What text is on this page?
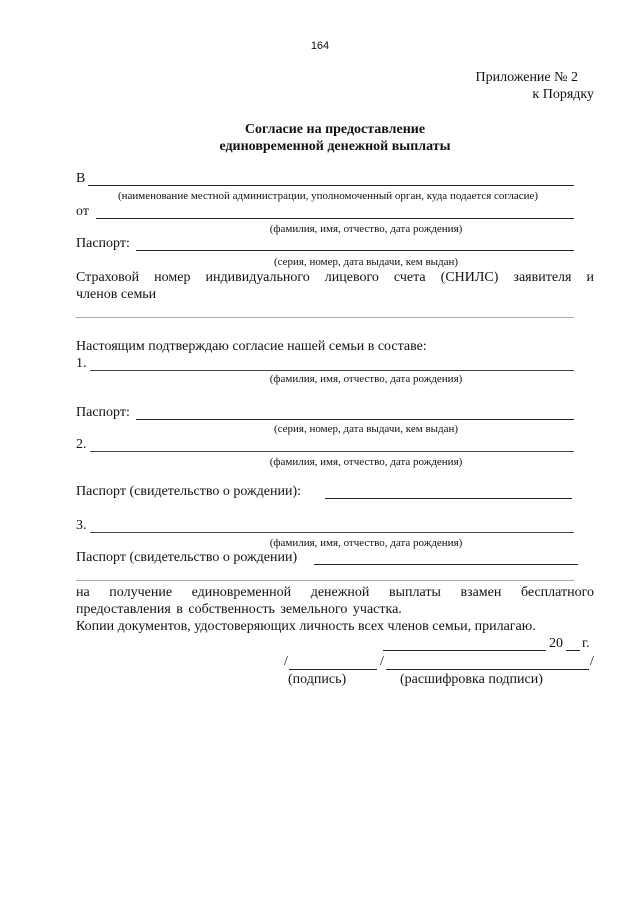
164
Приложение № 2
к Порядку
Согласие на предоставление
единовременной денежной выплаты
В
(наименование местной администрации, уполномоченный орган, куда подается согласие)
от
(фамилия, имя, отчество, дата рождения)
Паспорт:
(серия, номер, дата выдачи, кем выдан)
Страховой номер индивидуального лицевого счета (СНИЛС) заявителя и
членов семьи
Настоящим подтверждаю согласие нашей семьи в составе:
1.
(фамилия, имя, отчество, дата рождения)
Паспорт:
(серия, номер, дата выдачи, кем выдан)
2.
(фамилия, имя, отчество, дата рождения)
Паспорт (свидетельство о рождении):
3.
(фамилия, имя, отчество, дата рождения)
Паспорт (свидетельство о рождении)
на получение единовременной денежной выплаты взамен бесплатного
предоставления в собственность земельного участка.
Копии документов, удостоверяющих личность всех членов семьи, прилагаю.
20 г.
/	/	/
(подпись)	(расшифровка подписи)
